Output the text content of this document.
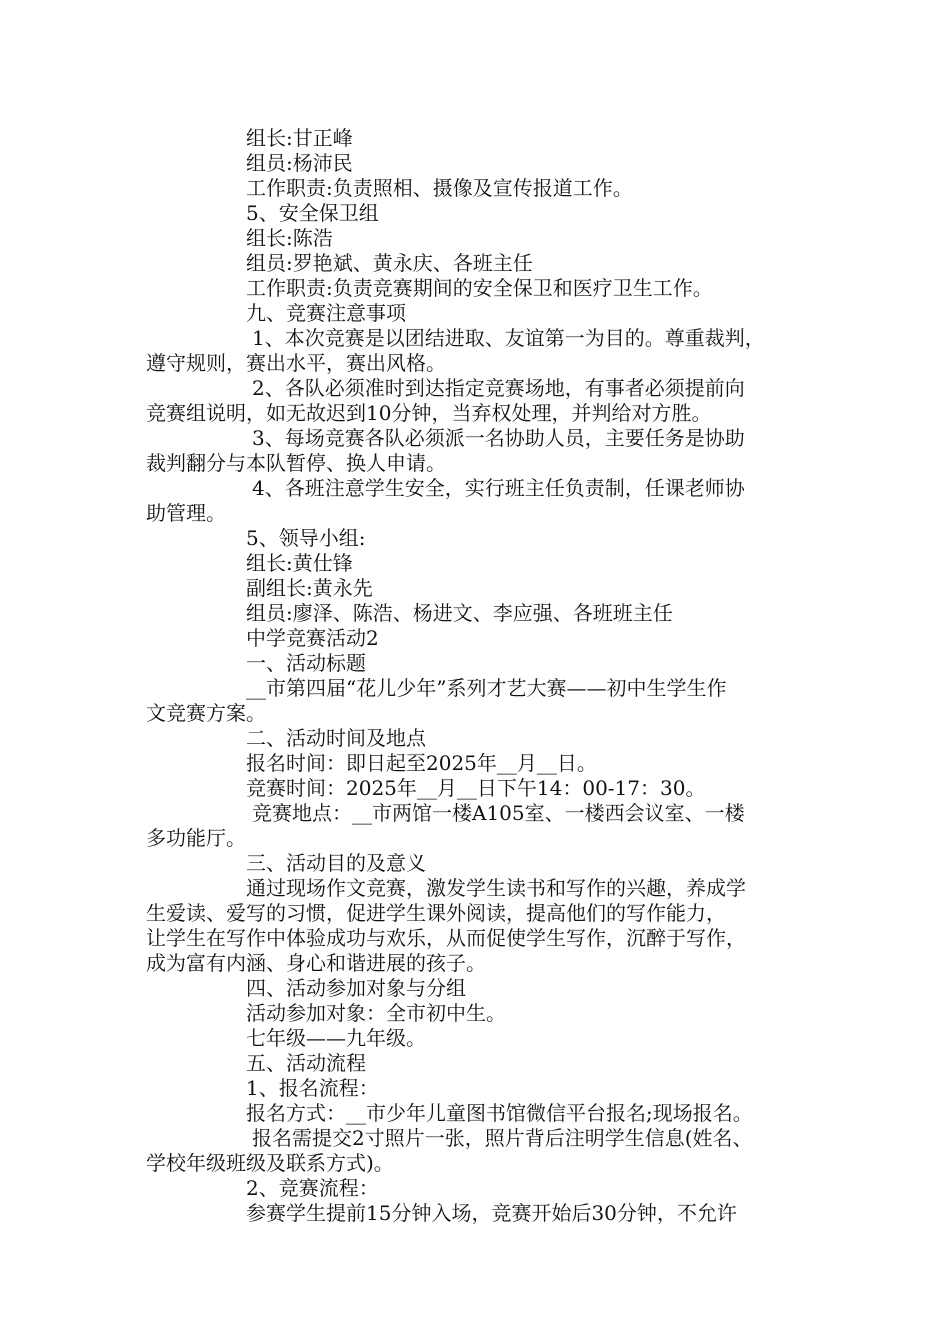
组长:甘正峰
组员:杨沛民
工作职责:负责照相、摄像及宣传报道工作。
5、安全保卫组
组长:陈浩
组员:罗艳斌、黄永庆、各班主任
工作职责:负责竞赛期间的安全保卫和医疗卫生工作。
九、竞赛注意事项
1、本次竞赛是以团结进取、友谊第一为目的。尊重裁判，
遵守规则，赛出水平，赛出风格。
2、各队必须准时到达指定竞赛场地，有事者必须提前向
竞赛组说明，如无故迟到10分钟，当弃权处理，并判给对方胜。
3、每场竞赛各队必须派一名协助人员，主要任务是协助
裁判翻分与本队暂停、换人申请。
4、各班注意学生安全，实行班主任负责制，任课老师协
助管理。
5、领导小组:
组长:黄仕锋
副组长:黄永先
组员:廖泽、陈浩、杨进文、李应强、各班班主任
中学竞赛活动2
一、活动标题
__市第四届“花儿少年”系列才艺大赛——初中生学生作
文竞赛方案。
二、活动时间及地点
报名时间：即日起至2025年__月__日。
竞赛时间：2025年__月__日下午14：00-17：30。
竞赛地点：__市两馆一楼A105室、一楼西会议室、一楼
多功能厅。
三、活动目的及意义
通过现场作文竞赛，激发学生读书和写作的兴趣，养成学
生爱读、爱写的习惯，促进学生课外阅读，提高他们的写作能力，
让学生在写作中体验成功与欢乐，从而促使学生写作，沉醉于写作，
成为富有内涵、身心和谐进展的孩子。
四、活动参加对象与分组
活动参加对象：全市初中生。
七年级——九年级。
五、活动流程
1、报名流程：
报名方式：__市少年儿童图书馆微信平台报名;现场报名。
报名需提交2寸照片一张，照片背后注明学生信息(姓名、
学校年级班级及联系方式)。
2、竞赛流程：
参赛学生提前15分钟入场，竞赛开始后30分钟，不允许
